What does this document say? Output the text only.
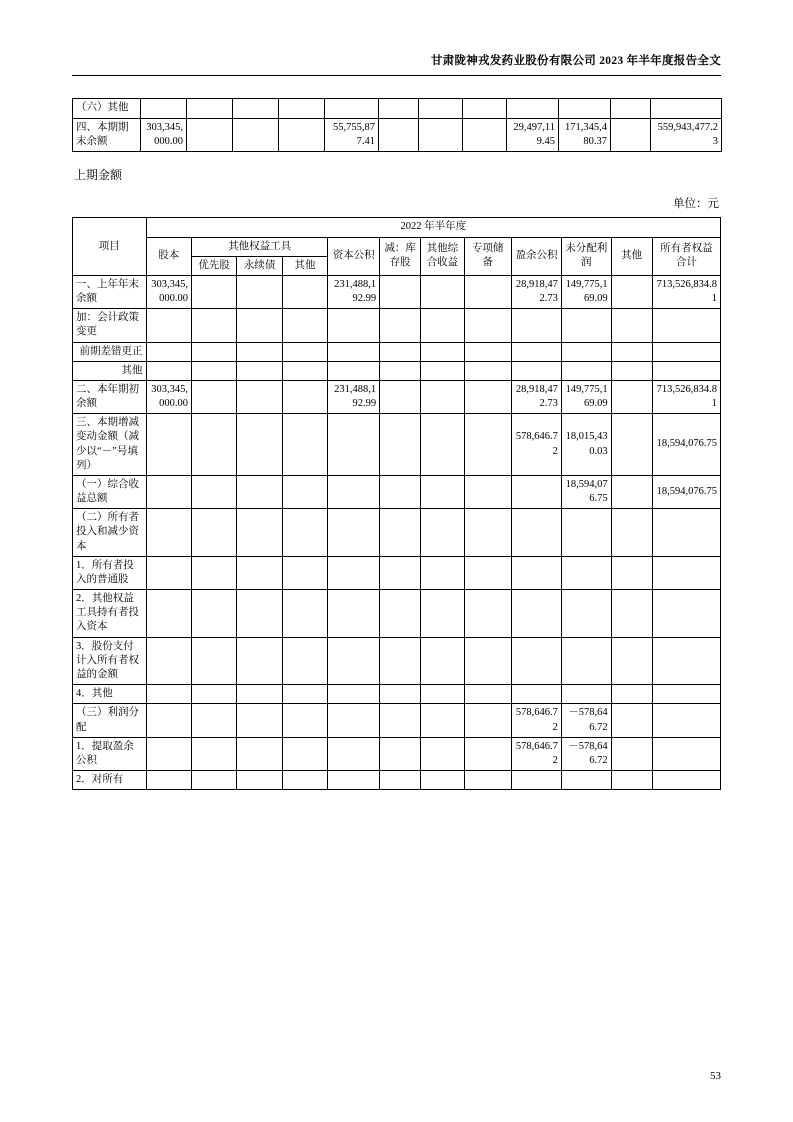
甘肃陇神戎发药业股份有限公司 2023 年半年度报告全文
（六）其他												
四、本期期末余额	303,345,000.00				55,755,877.41				29,497,119.45	171,345,480.37		559,943,477.23
上期金额
单位：元
项目	2022 年半年度											
	股本	其他权益工具			资本公积	减：库存股	其他综合收益	专项储备	盈余公积	未分配利润	其他	所有者权益合计
		优先股	永续债	其他								
一、上年年末余额	303,345,000.00				231,488,192.99				28,918,472.73	149,775,169.09		713,526,834.81
加：会计政策变更												
前期差错更正												
其他												
二、本年期初余额	303,345,000.00				231,488,192.99				28,918,472.73	149,775,169.09		713,526,834.81
三、本期增减变动金额（减少以“－”号填列）									578,646.72	18,015,430.03		18,594,076.75
（一）综合收益总额										18,594,076.75		18,594,076.75
（二）所有者投入和减少资本												
1．所有者投入的普通股												
2．其他权益工具持有者投入资本												
3．股份支付计入所有者权益的金额												
4．其他												
（三）利润分配									578,646.72	－578,646.72		
1．提取盈余公积									578,646.72	－578,646.72		
2．对所有												
53
